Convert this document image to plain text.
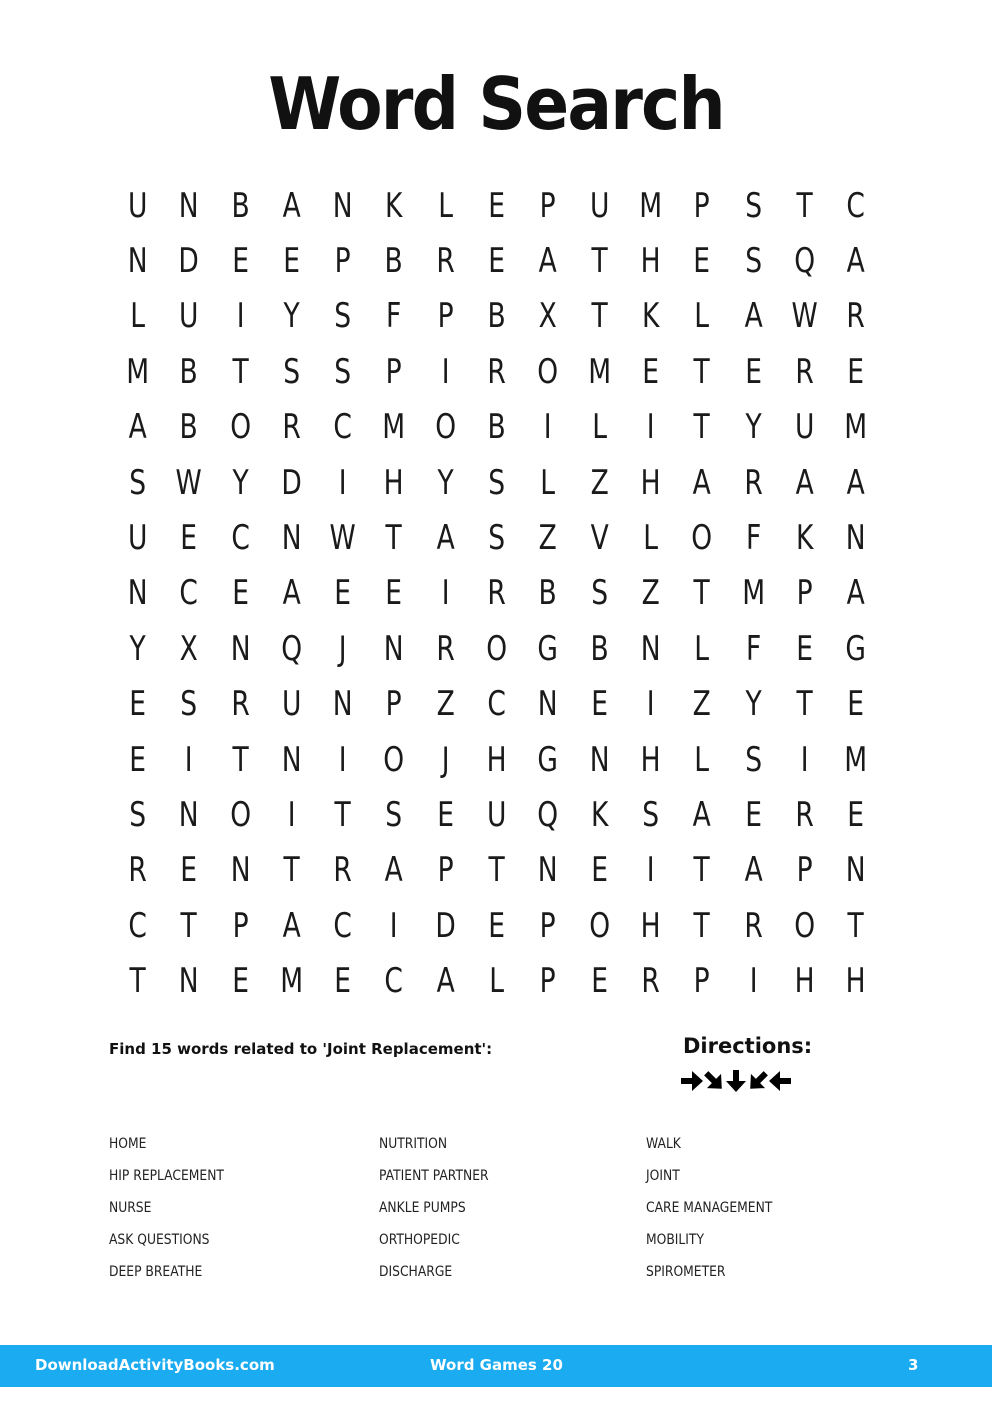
Word Search
U N B A N K	L	E	P U M P	S	T C
N D E	E	P	B R E A	T H E	S Q A
L	U	I	Y	S	F	P	B X	T	K	L	A W R
M B	T	S	S	P	I	R O M E	T	E R E
A B O R C M O B	I	L	I	T	Y U M
S W Y D	I	H Y	S	L	Z H A R A A
U E C N W T	A S Z V	L O F	K N
N C E A E	E	I	R B S Z	T M P	A
Y	X N Q	J	N R O G B N L	F	E G
E	S R U N P	Z C N E	I	Z	Y	T	E
E	I	T N	I	O	J	H G N H L	S	I	M
S N O	I	T	S	E U Q K	S A E R E
R E N T R A	P	T N E	I	T	A	P N
C T	P	A C	I	D E	P O H T R O T
T N E M E C A	L	P	E R	P	I	H H
Find 15 words related to 'Joint Replacement':	Directions:
HOME
HIP REPLACEMENT
NURSE
ASK QUESTIONS
DEEP BREATHE
NUTRITION
PATIENT PARTNER
ANKLE PUMPS
ORTHOPEDIC
DISCHARGE
WALK
JOINT
CARE MANAGEMENT
MOBILITY
SPIROMETER
DownloadActivityBooks.com	Word Games 20	3
